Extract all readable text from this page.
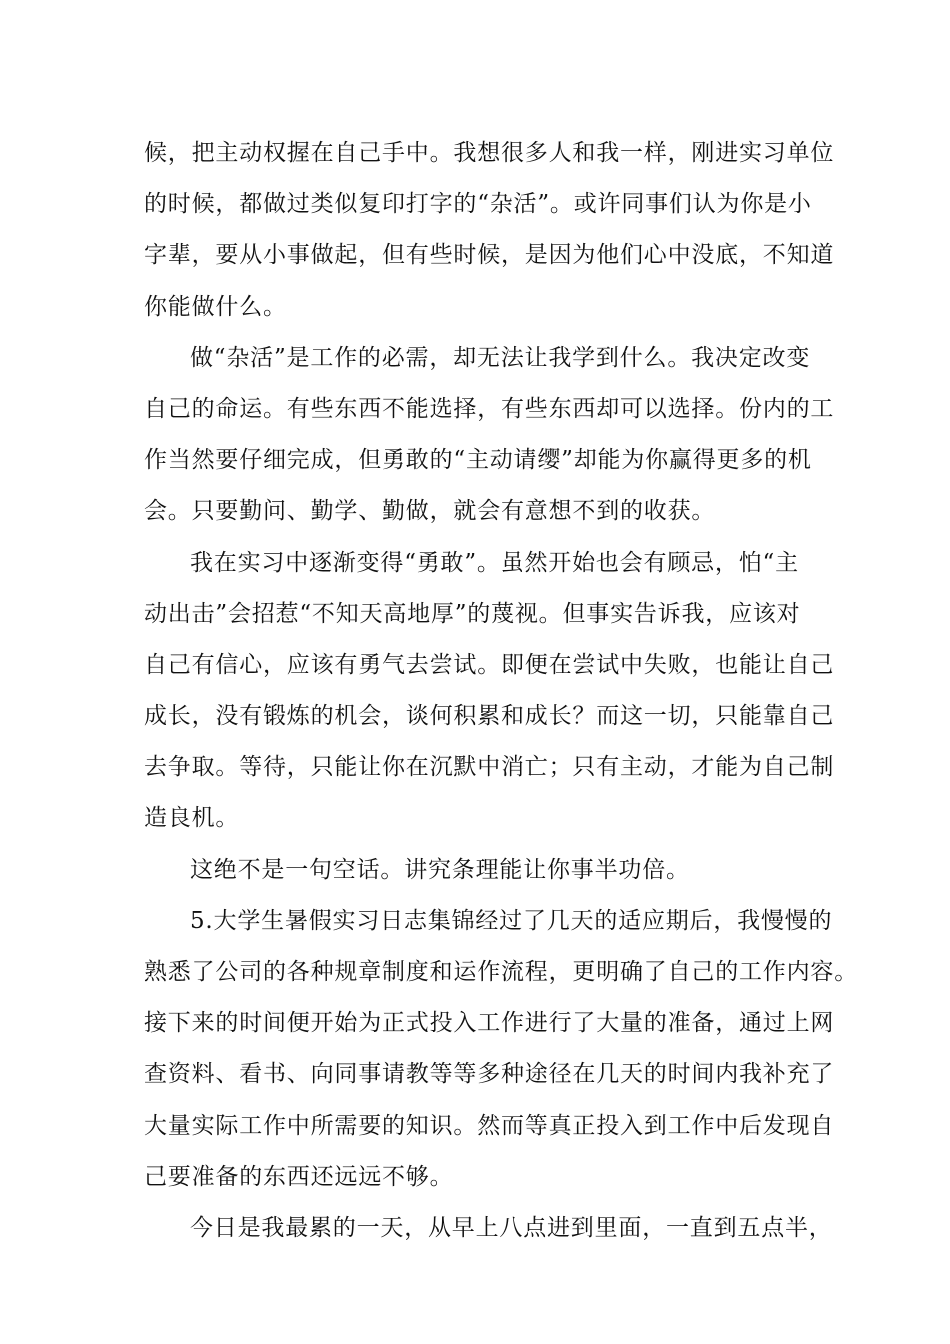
候，把主动权握在自己手中。我想很多人和我一样，刚进实习单位
的时候，都做过类似复印打字的“杂活”。或许同事们认为你是小
字辈，要从小事做起，但有些时候，是因为他们心中没底，不知道
你能做什么。
做“杂活”是工作的必需，却无法让我学到什么。我决定改变
自己的命运。有些东西不能选择，有些东西却可以选择。份内的工
作当然要仔细完成，但勇敢的“主动请缨”却能为你赢得更多的机
会。只要勤问、勤学、勤做，就会有意想不到的收获。
我在实习中逐渐变得“勇敢”。虽然开始也会有顾忌，怕“主
动出击”会招惹“不知天高地厚”的蔑视。但事实告诉我，应该对
自己有信心，应该有勇气去尝试。即便在尝试中失败，也能让自己
成长，没有锻炼的机会，谈何积累和成长？而这一切，只能靠自己
去争取。等待，只能让你在沉默中消亡；只有主动，才能为自己制
造良机。
这绝不是一句空话。讲究条理能让你事半功倍。
5.大学生暑假实习日志集锦经过了几天的适应期后，我慢慢的
熟悉了公司的各种规章制度和运作流程，更明确了自己的工作内容。
接下来的时间便开始为正式投入工作进行了大量的准备，通过上网
查资料、看书、向同事请教等等多种途径在几天的时间内我补充了
大量实际工作中所需要的知识。然而等真正投入到工作中后发现自
己要准备的东西还远远不够。
今日是我最累的一天，从早上八点进到里面，一直到五点半，
